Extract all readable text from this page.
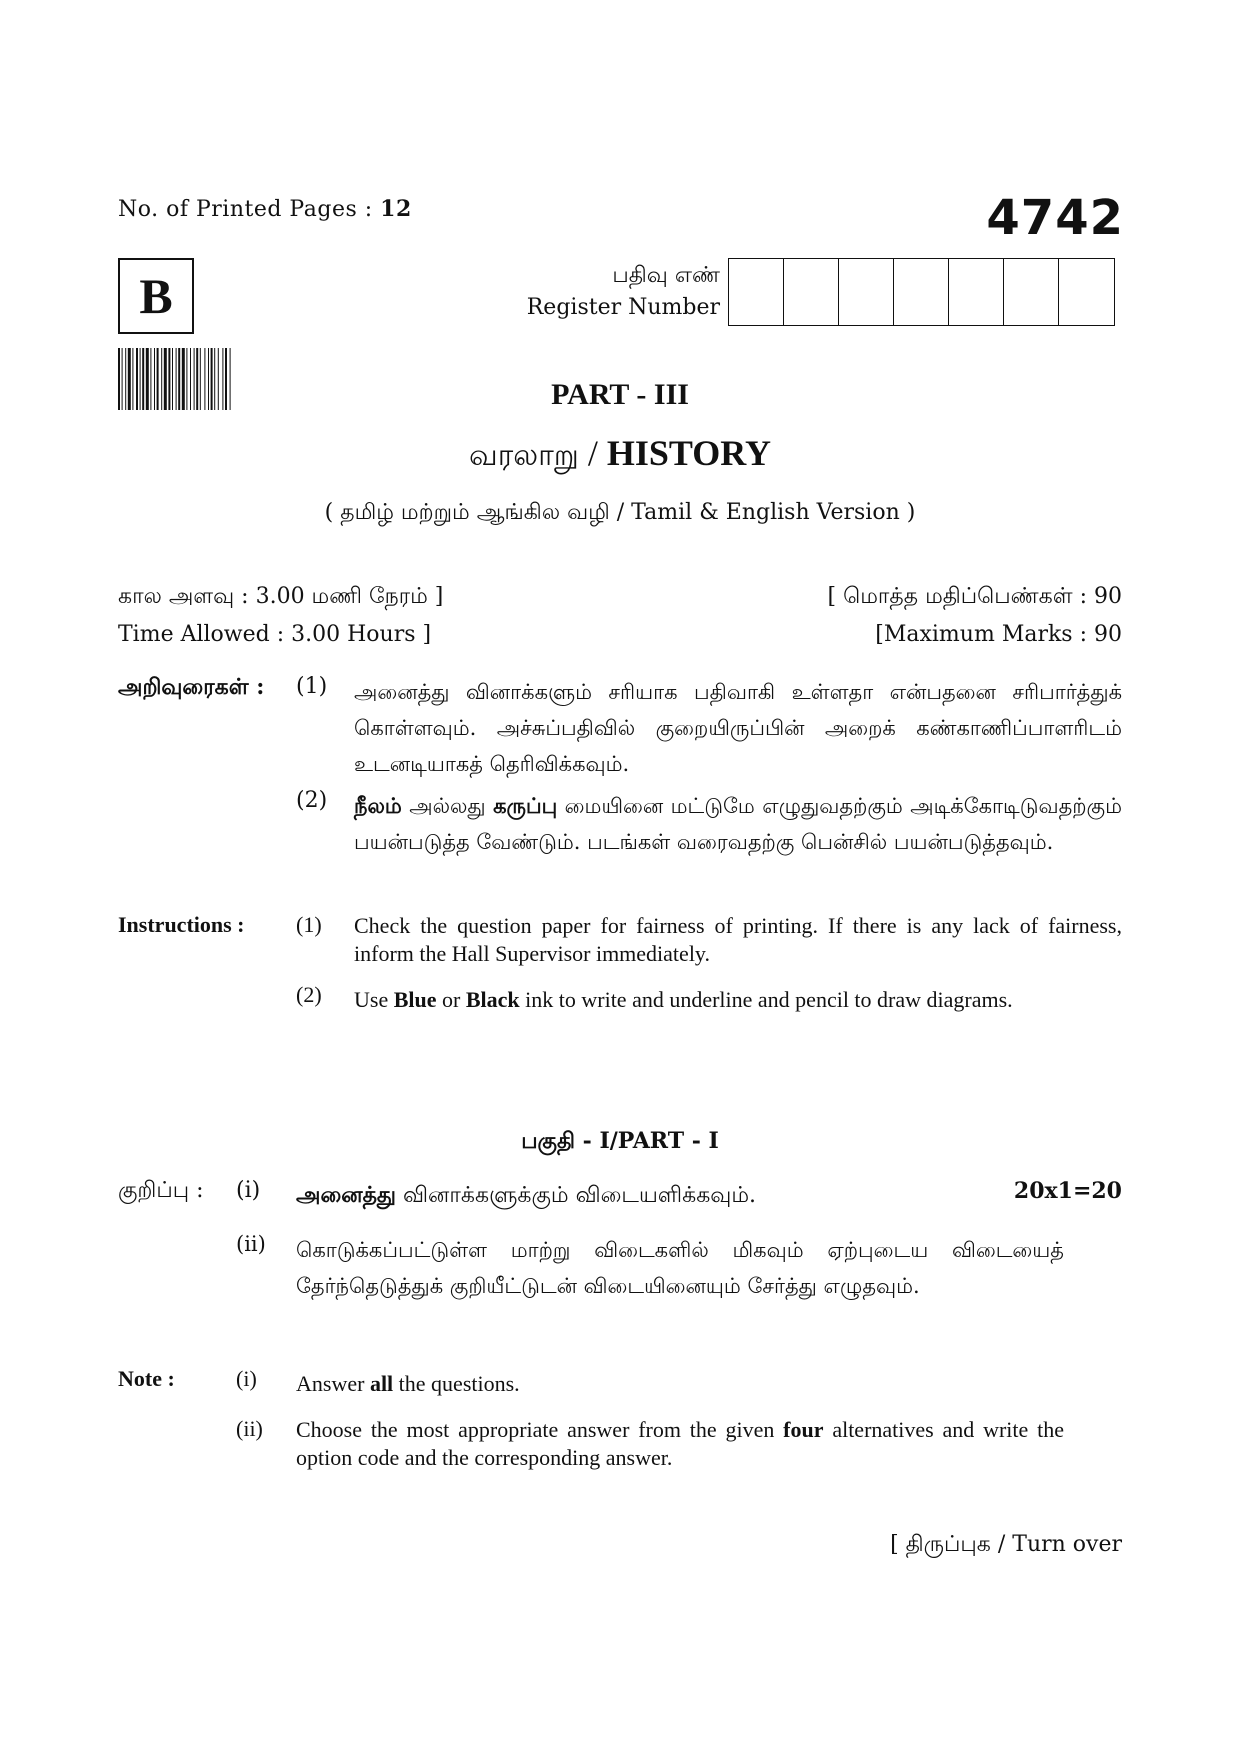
No. of Printed Pages : 12	4742
B	பதிவு எண்
Register Number
PART - III
வரலாறு / HISTORY
( தமிழ் மற்றும் ஆங்கில வழி / Tamil & English Version )
கால அளவு : 3.00 மணி நேரம் ]	[ மொத்த மதிப்பெண்கள் : 90
Time Allowed : 3.00 Hours ]	[Maximum Marks : 90
அறிவுரைகள் : (1) அனைத்து வினாக்களும் சரியாக பதிவாகி உள்ளதா என்பதனை சரிபார்த்துக் கொள்ளவும். அச்சுப்பதிவில் குறையிருப்பின் அறைக் கண்காணிப்பாளரிடம் உடனடியாகத் தெரிவிக்கவும்.
(2) நீலம் அல்லது கருப்பு மையினை மட்டுமே எழுதுவதற்கும் அடிக்கோடிடுவதற்கும் பயன்படுத்த வேண்டும். படங்கள் வரைவதற்கு பென்சில் பயன்படுத்தவும்.
Instructions : (1) Check the question paper for fairness of printing. If there is any lack of fairness, inform the Hall Supervisor immediately.
(2) Use Blue or Black ink to write and underline and pencil to draw diagrams.
பகுதி - I/PART - I
குறிப்பு : (i) அனைத்து வினாக்களுக்கும் விடையளிக்கவும்.	20x1=20
(ii) கொடுக்கப்பட்டுள்ள மாற்று விடைகளில் மிகவும் ஏற்புடைய விடையைத் தேர்ந்தெடுத்துக் குறியீட்டுடன் விடையினையும் சேர்த்து எழுதவும்.
Note :	(i) Answer all the questions.
(ii) Choose the most appropriate answer from the given four alternatives and write the option code and the corresponding answer.
[ திருப்புக / Turn over
